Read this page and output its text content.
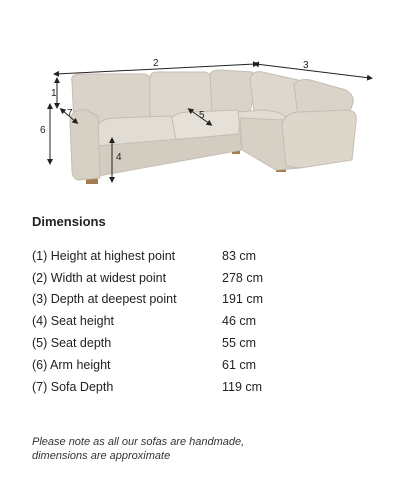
1
2	3
4
5
6
7
Dimensions
(1) Height at highest point	83 cm
(2) Width at widest point	278 cm
(3) Depth at deepest point	191 cm
(4) Seat height	46 cm
(5) Seat depth	55 cm
(6) Arm height	61 cm
(7) Sofa Depth	119 cm
Please note as all our sofas are handmade,
dimensions are approximate
